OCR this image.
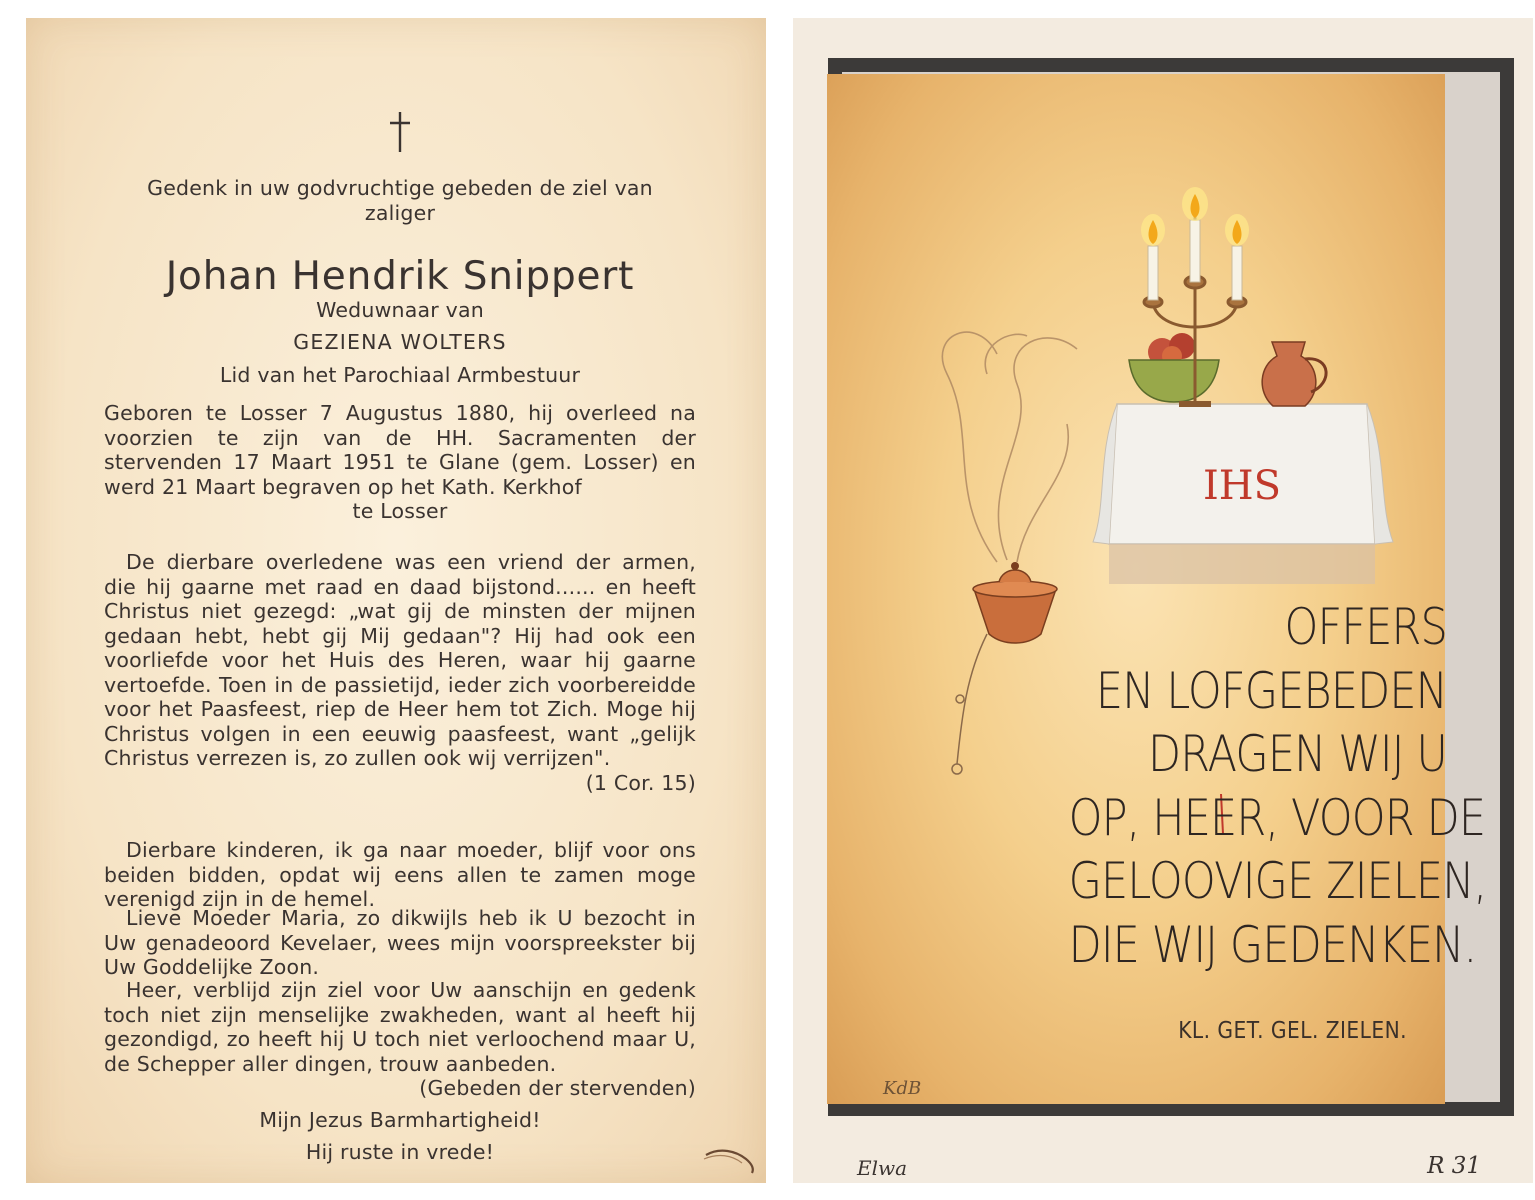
Gedenk in uw godvruchtige gebeden de ziel van zaliger
Johan Hendrik Snippert
Weduwnaar van
GEZIENA WOLTERS
Lid van het Parochiaal Armbestuur
Geboren te Losser 7 Augustus 1880, hij overleed na voorzien te zijn van de HH. Sacramenten der stervenden 17 Maart 1951 te Glane (gem. Losser) en werd 21 Maart begraven op het Kath. Kerkhof
te Losser
De dierbare overledene was een vriend der armen, die hij gaarne met raad en daad bijstond...... en heeft Christus niet gezegd: „wat gij de minsten der mijnen gedaan hebt, hebt gij Mij gedaan"? Hij had ook een voorliefde voor het Huis des Heren, waar hij gaarne vertoefde. Toen in de passietijd, ieder zich voorbereidde voor het Paasfeest, riep de Heer hem tot Zich. Moge hij Christus volgen in een eeuwig paasfeest, want „gelijk Christus verrezen is, zo zullen ook wij verrijzen".
(1 Cor. 15)
Dierbare kinderen, ik ga naar moeder, blijf voor ons beiden bidden, opdat wij eens allen te zamen moge verenigd zijn in de hemel.
Lieve Moeder Maria, zo dikwijls heb ik U bezocht in Uw genadeoord Kevelaer, wees mijn voorspreekster bij Uw Goddelijke Zoon.
Heer, verblijd zijn ziel voor Uw aanschijn en gedenk toch niet zijn menselijke zwakheden, want al heeft hij gezondigd, zo heeft hij U toch niet verloochend maar U, de Schepper aller dingen, trouw aanbeden.
(Gebeden der stervenden)
Mijn Jezus Barmhartigheid!
Hij ruste in vrede!
IHS
OFFERS
EN LOFGEBEDEN
DRAGEN WIJ U
OP, HEER, VOOR DE
GELOOVIGE ZIELEN,
DIE WIJ GEDENKEN.
KL. GET. GEL. ZIELEN.
KdB
Elwa	R 31
